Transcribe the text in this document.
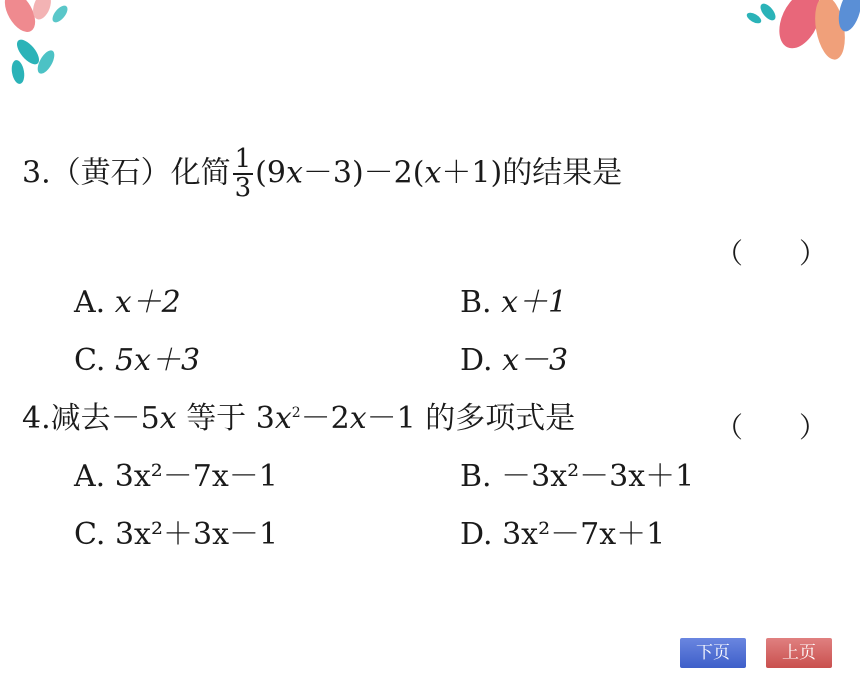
3.（黄石）化简 $\frac{1}{3} (9x-3)-2(x+1)$的结果是
（　　）
A. x＋2	B. x＋1
C. 5x＋3	D. x－3
4.减去－5x 等于 $3x^2-2x-1$ 的多项式是	（　　）
A. 3x²－7x－1	B. －3x²－3x＋1
C. 3x²＋3x－1	D. 3x²－7x＋1
下页	上页
